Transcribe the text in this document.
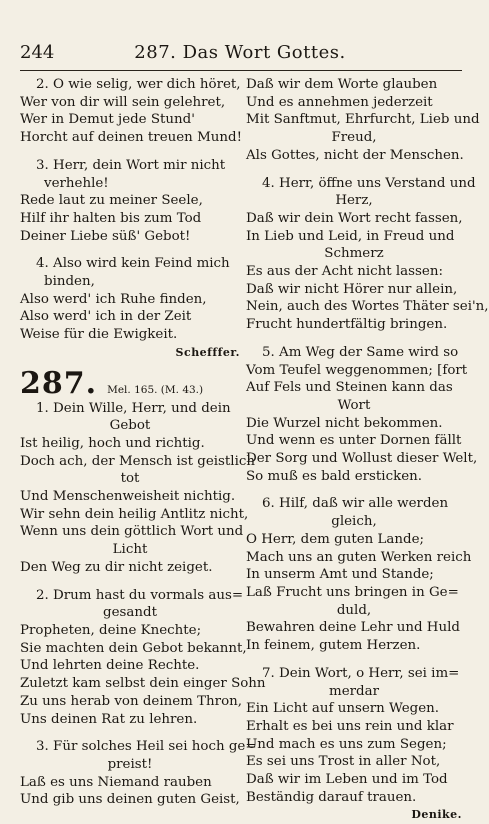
244	287. Das Wort Gottes.
2. O wie selig, wer dich höret,
Wer von dir will sein gelehret,
Wer in Demut jede Stund'
Horcht auf deinen treuen Mund!
3. Herr, dein Wort mir nicht
verhehle!
Rede laut zu meiner Seele,
Hilf ihr halten bis zum Tod
Deiner Liebe süß' Gebot!
4. Also wird kein Feind mich
binden,
Also werd' ich Ruhe finden,
Also werd' ich in der Zeit
Weise für die Ewigkeit.
Schefffer.
287. Mel. 165. (M. 43.)
1. Dein Wille, Herr, und dein
Gebot
Ist heilig, hoch und richtig.
Doch ach, der Mensch ist geistlich
tot
Und Menschenweisheit nichtig.
Wir sehn dein heilig Antlitz nicht,
Wenn uns dein göttlich Wort und
Licht
Den Weg zu dir nicht zeiget.
2. Drum hast du vormals aus=
gesandt
Propheten, deine Knechte;
Sie machten dein Gebot bekannt,
Und lehrten deine Rechte.
Zuletzt kam selbst dein einger Sohn
Zu uns herab von deinem Thron,
Uns deinen Rat zu lehren.
3. Für solches Heil sei hoch ge=
preist!
Laß es uns Niemand rauben
Und gib uns deinen guten Geist,
Daß wir dem Worte glauben
Und es annehmen jederzeit
Mit Sanftmut, Ehrfurcht, Lieb und
Freud,
Als Gottes, nicht der Menschen.
4. Herr, öffne uns Verstand und
Herz,
Daß wir dein Wort recht fassen,
In Lieb und Leid, in Freud und
Schmerz
Es aus der Acht nicht lassen:
Daß wir nicht Hörer nur allein,
Nein, auch des Wortes Thäter sei'n,
Frucht hundertfältig bringen.
5. Am Weg der Same wird so
Vom Teufel weggenommen; [fort
Auf Fels und Steinen kann das
Wort
Die Wurzel nicht bekommen.
Und wenn es unter Dornen fällt
Der Sorg und Wollust dieser Welt,
So muß es bald ersticken.
6. Hilf, daß wir alle werden
gleich,
O Herr, dem guten Lande;
Mach uns an guten Werken reich
In unserm Amt und Stande;
Laß Frucht uns bringen in Ge=
duld,
Bewahren deine Lehr und Huld
In feinem, gutem Herzen.
7. Dein Wort, o Herr, sei im=
merdar
Ein Licht auf unsern Wegen.
Erhalt es bei uns rein und klar
Und mach es uns zum Segen;
Es sei uns Trost in aller Not,
Daß wir im Leben und im Tod
Beständig darauf trauen.
Denike.
